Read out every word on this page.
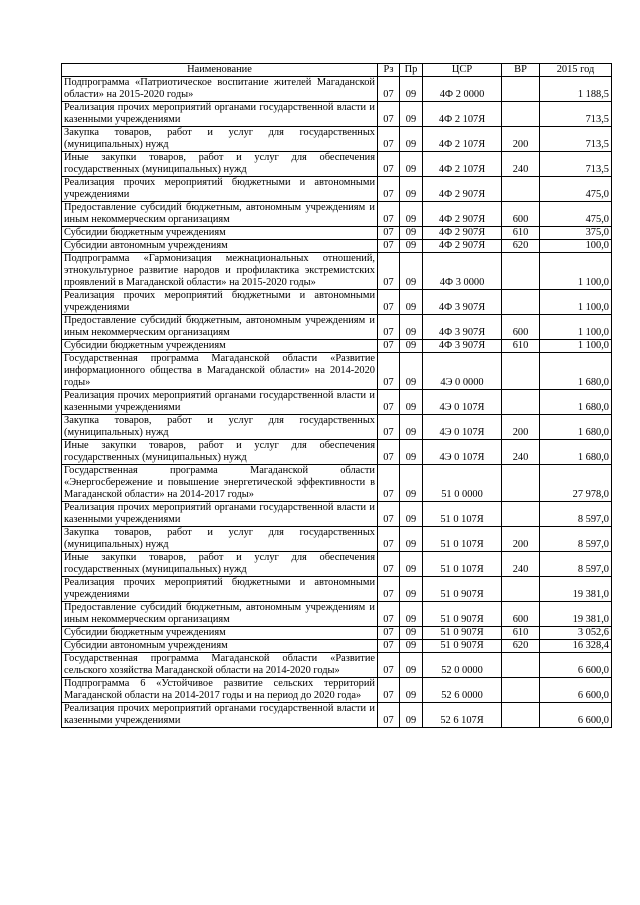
Наименование	Рз	Пр	ЦСР	ВР	2015 год
Подпрограмма «Патриотическое воспитание жителей Магаданской области» на 2015-2020 годы»	07	09	4Ф 2 0000		1 188,5
Реализация прочих мероприятий органами государственной власти и казенными учреждениями	07	09	4Ф 2 107Я		713,5
Закупка товаров, работ и услуг для государственных (муниципальных) нужд	07	09	4Ф 2 107Я	200	713,5
Иные закупки товаров, работ и услуг для обеспечения государственных (муниципальных) нужд	07	09	4Ф 2 107Я	240	713,5
Реализация прочих мероприятий бюджетными и автономными учреждениями	07	09	4Ф 2 907Я		475,0
Предоставление субсидий бюджетным, автономным учреждениям и иным некоммерческим организациям	07	09	4Ф 2 907Я	600	475,0
Субсидии бюджетным учреждениям	07	09	4Ф 2 907Я	610	375,0
Субсидии автономным учреждениям	07	09	4Ф 2 907Я	620	100,0
Подпрограмма «Гармонизация межнациональных отношений, этнокультурное развитие народов и профилактика экстремистских проявлений в Магаданской области» на 2015-2020 годы»	07	09	4Ф 3 0000		1 100,0
Реализация прочих мероприятий бюджетными и автономными учреждениями	07	09	4Ф 3 907Я		1 100,0
Предоставление субсидий бюджетным, автономным учреждениям и иным некоммерческим организациям	07	09	4Ф 3 907Я	600	1 100,0
Субсидии бюджетным учреждениям	07	09	4Ф 3 907Я	610	1 100,0
Государственная программа Магаданской области «Развитие информационного общества в Магаданской области» на 2014-2020 годы»	07	09	4Э 0 0000		1 680,0
Реализация прочих мероприятий органами государственной власти и казенными учреждениями	07	09	4Э 0 107Я		1 680,0
Закупка товаров, работ и услуг для государственных (муниципальных) нужд	07	09	4Э 0 107Я	200	1 680,0
Иные закупки товаров, работ и услуг для обеспечения государственных (муниципальных) нужд	07	09	4Э 0 107Я	240	1 680,0
Государственная программа Магаданской области «Энергосбережение и повышение энергетической эффективности в Магаданской области» на 2014-2017 годы»	07	09	51 0 0000		27 978,0
Реализация прочих мероприятий органами государственной власти и казенными учреждениями	07	09	51 0 107Я		8 597,0
Закупка товаров, работ и услуг для государственных (муниципальных) нужд	07	09	51 0 107Я	200	8 597,0
Иные закупки товаров, работ и услуг для обеспечения государственных (муниципальных) нужд	07	09	51 0 107Я	240	8 597,0
Реализация прочих мероприятий бюджетными и автономными учреждениями	07	09	51 0 907Я		19 381,0
Предоставление субсидий бюджетным, автономным учреждениям и иным некоммерческим организациям	07	09	51 0 907Я	600	19 381,0
Субсидии бюджетным учреждениям	07	09	51 0 907Я	610	3 052,6
Субсидии автономным учреждениям	07	09	51 0 907Я	620	16 328,4
Государственная программа Магаданской области «Развитие сельского хозяйства Магаданской области на 2014-2020 годы»	07	09	52 0 0000		6 600,0
Подпрограмма 6 «Устойчивое развитие сельских территорий Магаданской области на 2014-2017 годы и на период до 2020 года»	07	09	52 6 0000		6 600,0
Реализация прочих мероприятий органами государственной власти и казенными учреждениями	07	09	52 6 107Я		6 600,0
